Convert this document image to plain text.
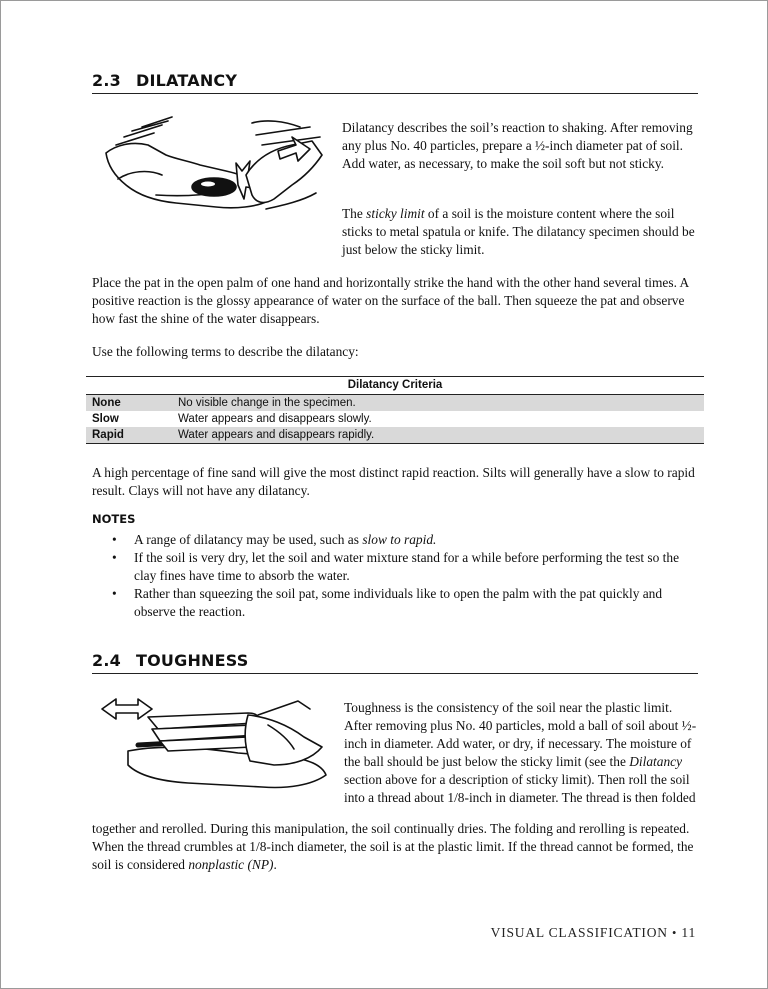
2.3 DILATANCY
Dilatancy describes the soil’s reaction to shaking. After removing any plus No. 40 particles, prepare a ½-inch diameter pat of soil. Add water, as necessary, to make the soil soft but not sticky.
The sticky limit of a soil is the moisture content where the soil sticks to metal spatula or knife. The dilatancy specimen should be just below the sticky limit.
Place the pat in the open palm of one hand and horizontally strike the hand with the other hand several times. A positive reaction is the glossy appearance of water on the surface of the ball. Then squeeze the pat and observe how fast the shine of the water disappears.
Use the following terms to describe the dilatancy:
Dilatancy Criteria
None	No visible change in the specimen.
Slow	Water appears and disappears slowly.
Rapid	Water appears and disappears rapidly.
A high percentage of fine sand will give the most distinct rapid reaction. Silts will generally have a slow to rapid result. Clays will not have any dilatancy.
NOTES
• A range of dilatancy may be used, such as slow to rapid.
• If the soil is very dry, let the soil and water mixture stand for a while before performing the test so the clay fines have time to absorb the water.
• Rather than squeezing the soil pat, some individuals like to open the palm with the pat quickly and observe the reaction.
2.4 TOUGHNESS
Toughness is the consistency of the soil near the plastic limit. After removing plus No. 40 particles, mold a ball of soil about ½-inch in diameter. Add water, or dry, if necessary. The moisture of the ball should be just below the sticky limit (see the Dilatancy section above for a description of sticky limit). Then roll the soil into a thread about 1/8-inch in diameter. The thread is then folded
together and rerolled. During this manipulation, the soil continually dries. The folding and rerolling is repeated. When the thread crumbles at 1/8-inch diameter, the soil is at the plastic limit. If the thread cannot be formed, the soil is considered nonplastic (NP).
VISUAL CLASSIFICATION • 11
